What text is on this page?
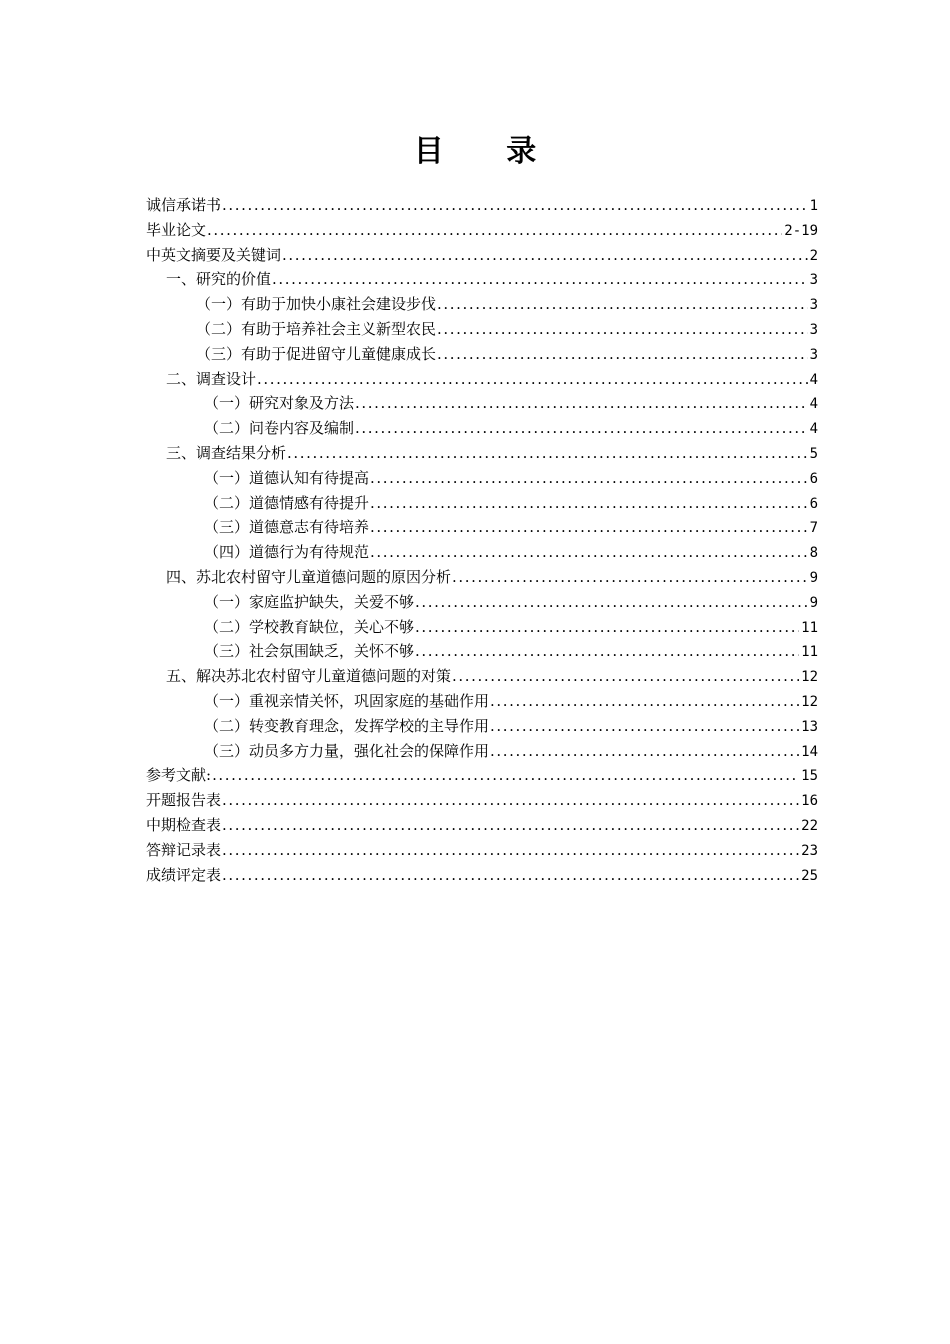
目 录
诚信承诺书 .....	1
毕业论文 .....	2-19
中英文摘要及关键词 .....	2
一、研究的价值 .....	3
（一）有助于加快小康社会建设步伐 .....	3
（二）有助于培养社会主义新型农民 .....	3
（三）有助于促进留守儿童健康成长 .....	3
二、调查设计 .....	4
（一）研究对象及方法 .....	4
（二）问卷内容及编制 .....	4
三、调查结果分析 .....	5
（一）道德认知有待提高 .....	6
（二）道德情感有待提升 .....	6
（三）道德意志有待培养 .....	7
（四）道德行为有待规范 .....	8
四、苏北农村留守儿童道德问题的原因分析 .....	9
（一）家庭监护缺失，关爱不够 .....	9
（二）学校教育缺位，关心不够 .....	11
（三）社会氛围缺乏，关怀不够 .....	11
五、解决苏北农村留守儿童道德问题的对策 .....	12
（一）重视亲情关怀，巩固家庭的基础作用 .....	12
（二）转变教育理念，发挥学校的主导作用 .....	13
（三）动员多方力量，强化社会的保障作用 .....	14
参考文献: .....	15
开题报告表 .....	16
中期检查表 .....	22
答辩记录表 .....	23
成绩评定表 .....	25
